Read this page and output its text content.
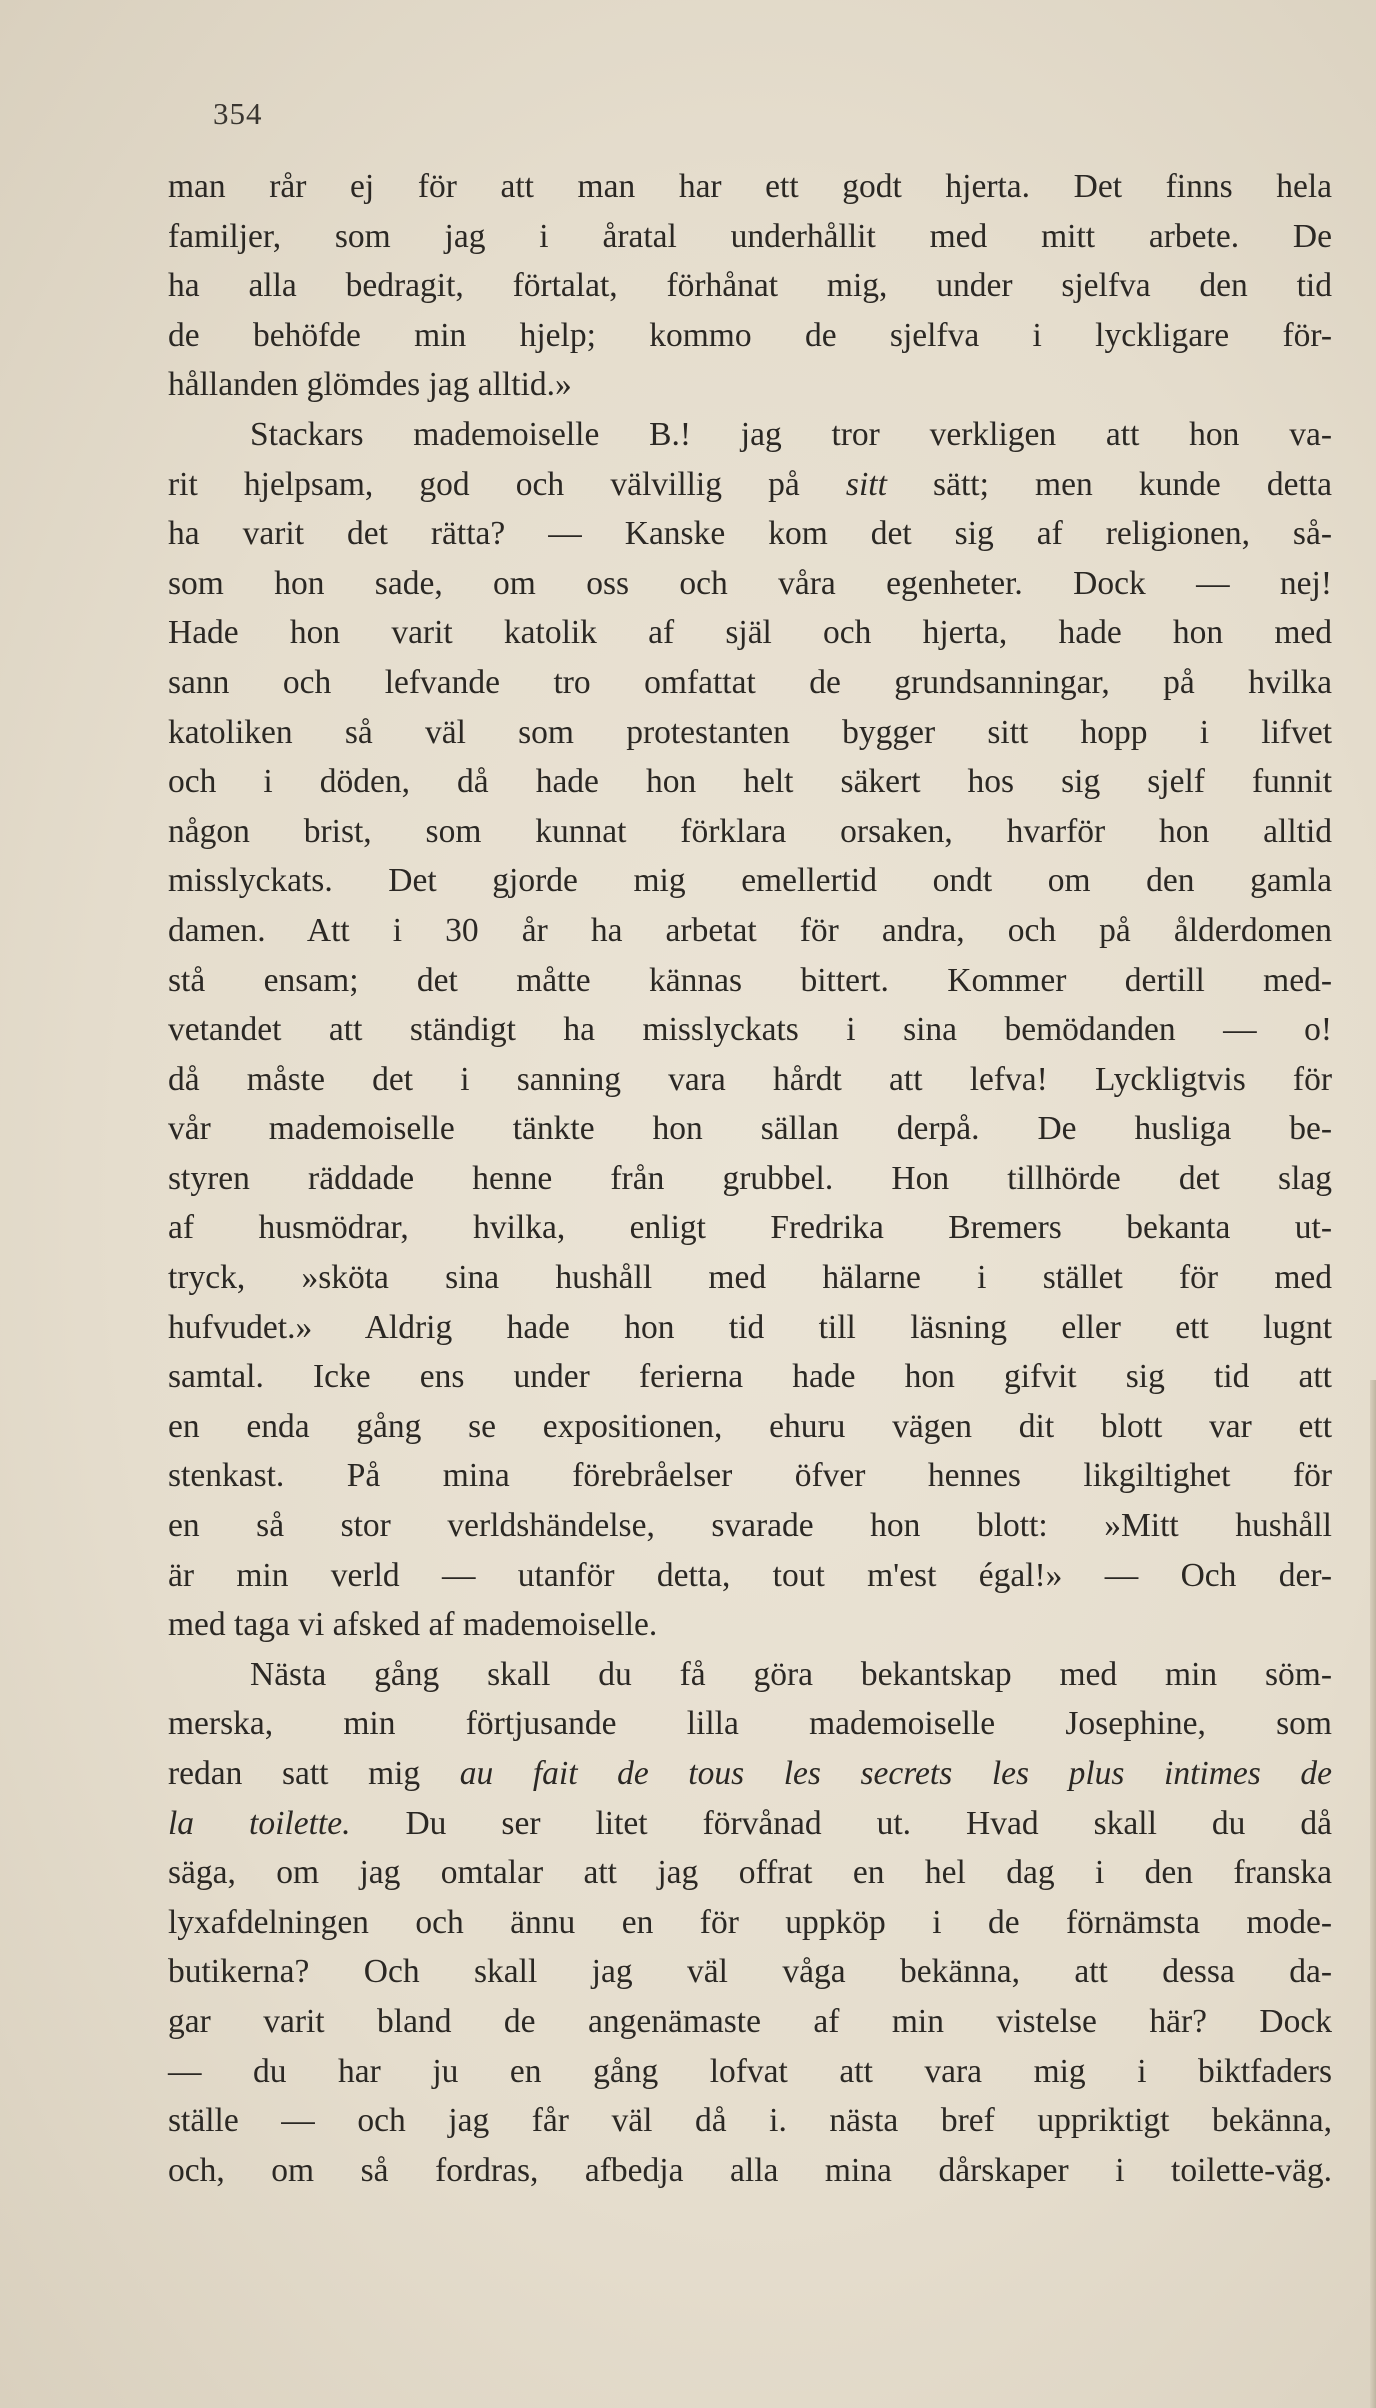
354
man rår ej för att man har ett godt hjerta. Det finns hela
familjer, som jag i åratal underhållit med mitt arbete. De
ha alla bedragit, förtalat, förhånat mig, under sjelfva den tid
de behöfde min hjelp; kommo de sjelfva i lyckligare för-
hållanden glömdes jag alltid.»
Stackars mademoiselle B.! jag tror verkligen att hon va-
rit hjelpsam, god och välvillig på sitt sätt; men kunde detta
ha varit det rätta? — Kanske kom det sig af religionen, så-
som hon sade, om oss och våra egenheter. Dock — nej!
Hade hon varit katolik af själ och hjerta, hade hon med
sann och lefvande tro omfattat de grundsanningar, på hvilka
katoliken så väl som protestanten bygger sitt hopp i lifvet
och i döden, då hade hon helt säkert hos sig sjelf funnit
någon brist, som kunnat förklara orsaken, hvarför hon alltid
misslyckats. Det gjorde mig emellertid ondt om den gamla
damen. Att i 30 år ha arbetat för andra, och på ålderdomen
stå ensam; det måtte kännas bittert. Kommer dertill med-
vetandet att ständigt ha misslyckats i sina bemödanden — o!
då måste det i sanning vara hårdt att lefva! Lyckligtvis för
vår mademoiselle tänkte hon sällan derpå. De husliga be-
styren räddade henne från grubbel. Hon tillhörde det slag
af husmödrar, hvilka, enligt Fredrika Bremers bekanta ut-
tryck, »sköta sina hushåll med hälarne i stället för med
hufvudet.» Aldrig hade hon tid till läsning eller ett lugnt
samtal. Icke ens under ferierna hade hon gifvit sig tid att
en enda gång se expositionen, ehuru vägen dit blott var ett
stenkast. På mina förebråelser öfver hennes likgiltighet för
en så stor verldshändelse, svarade hon blott: »Mitt hushåll
är min verld — utanför detta, tout m'est égal!» — Och der-
med taga vi afsked af mademoiselle.
Nästa gång skall du få göra bekantskap med min söm-
merska, min förtjusande lilla mademoiselle Josephine, som
redan satt mig au fait de tous les secrets les plus intimes de
la toilette. Du ser litet förvånad ut. Hvad skall du då
säga, om jag omtalar att jag offrat en hel dag i den franska
lyxafdelningen och ännu en för uppköp i de förnämsta mode-
butikerna? Och skall jag väl våga bekänna, att dessa da-
gar varit bland de angenämaste af min vistelse här? Dock
— du har ju en gång lofvat att vara mig i biktfaders
ställe — och jag får väl då i. nästa bref uppriktigt bekänna,
och, om så fordras, afbedja alla mina dårskaper i toilette-väg.
